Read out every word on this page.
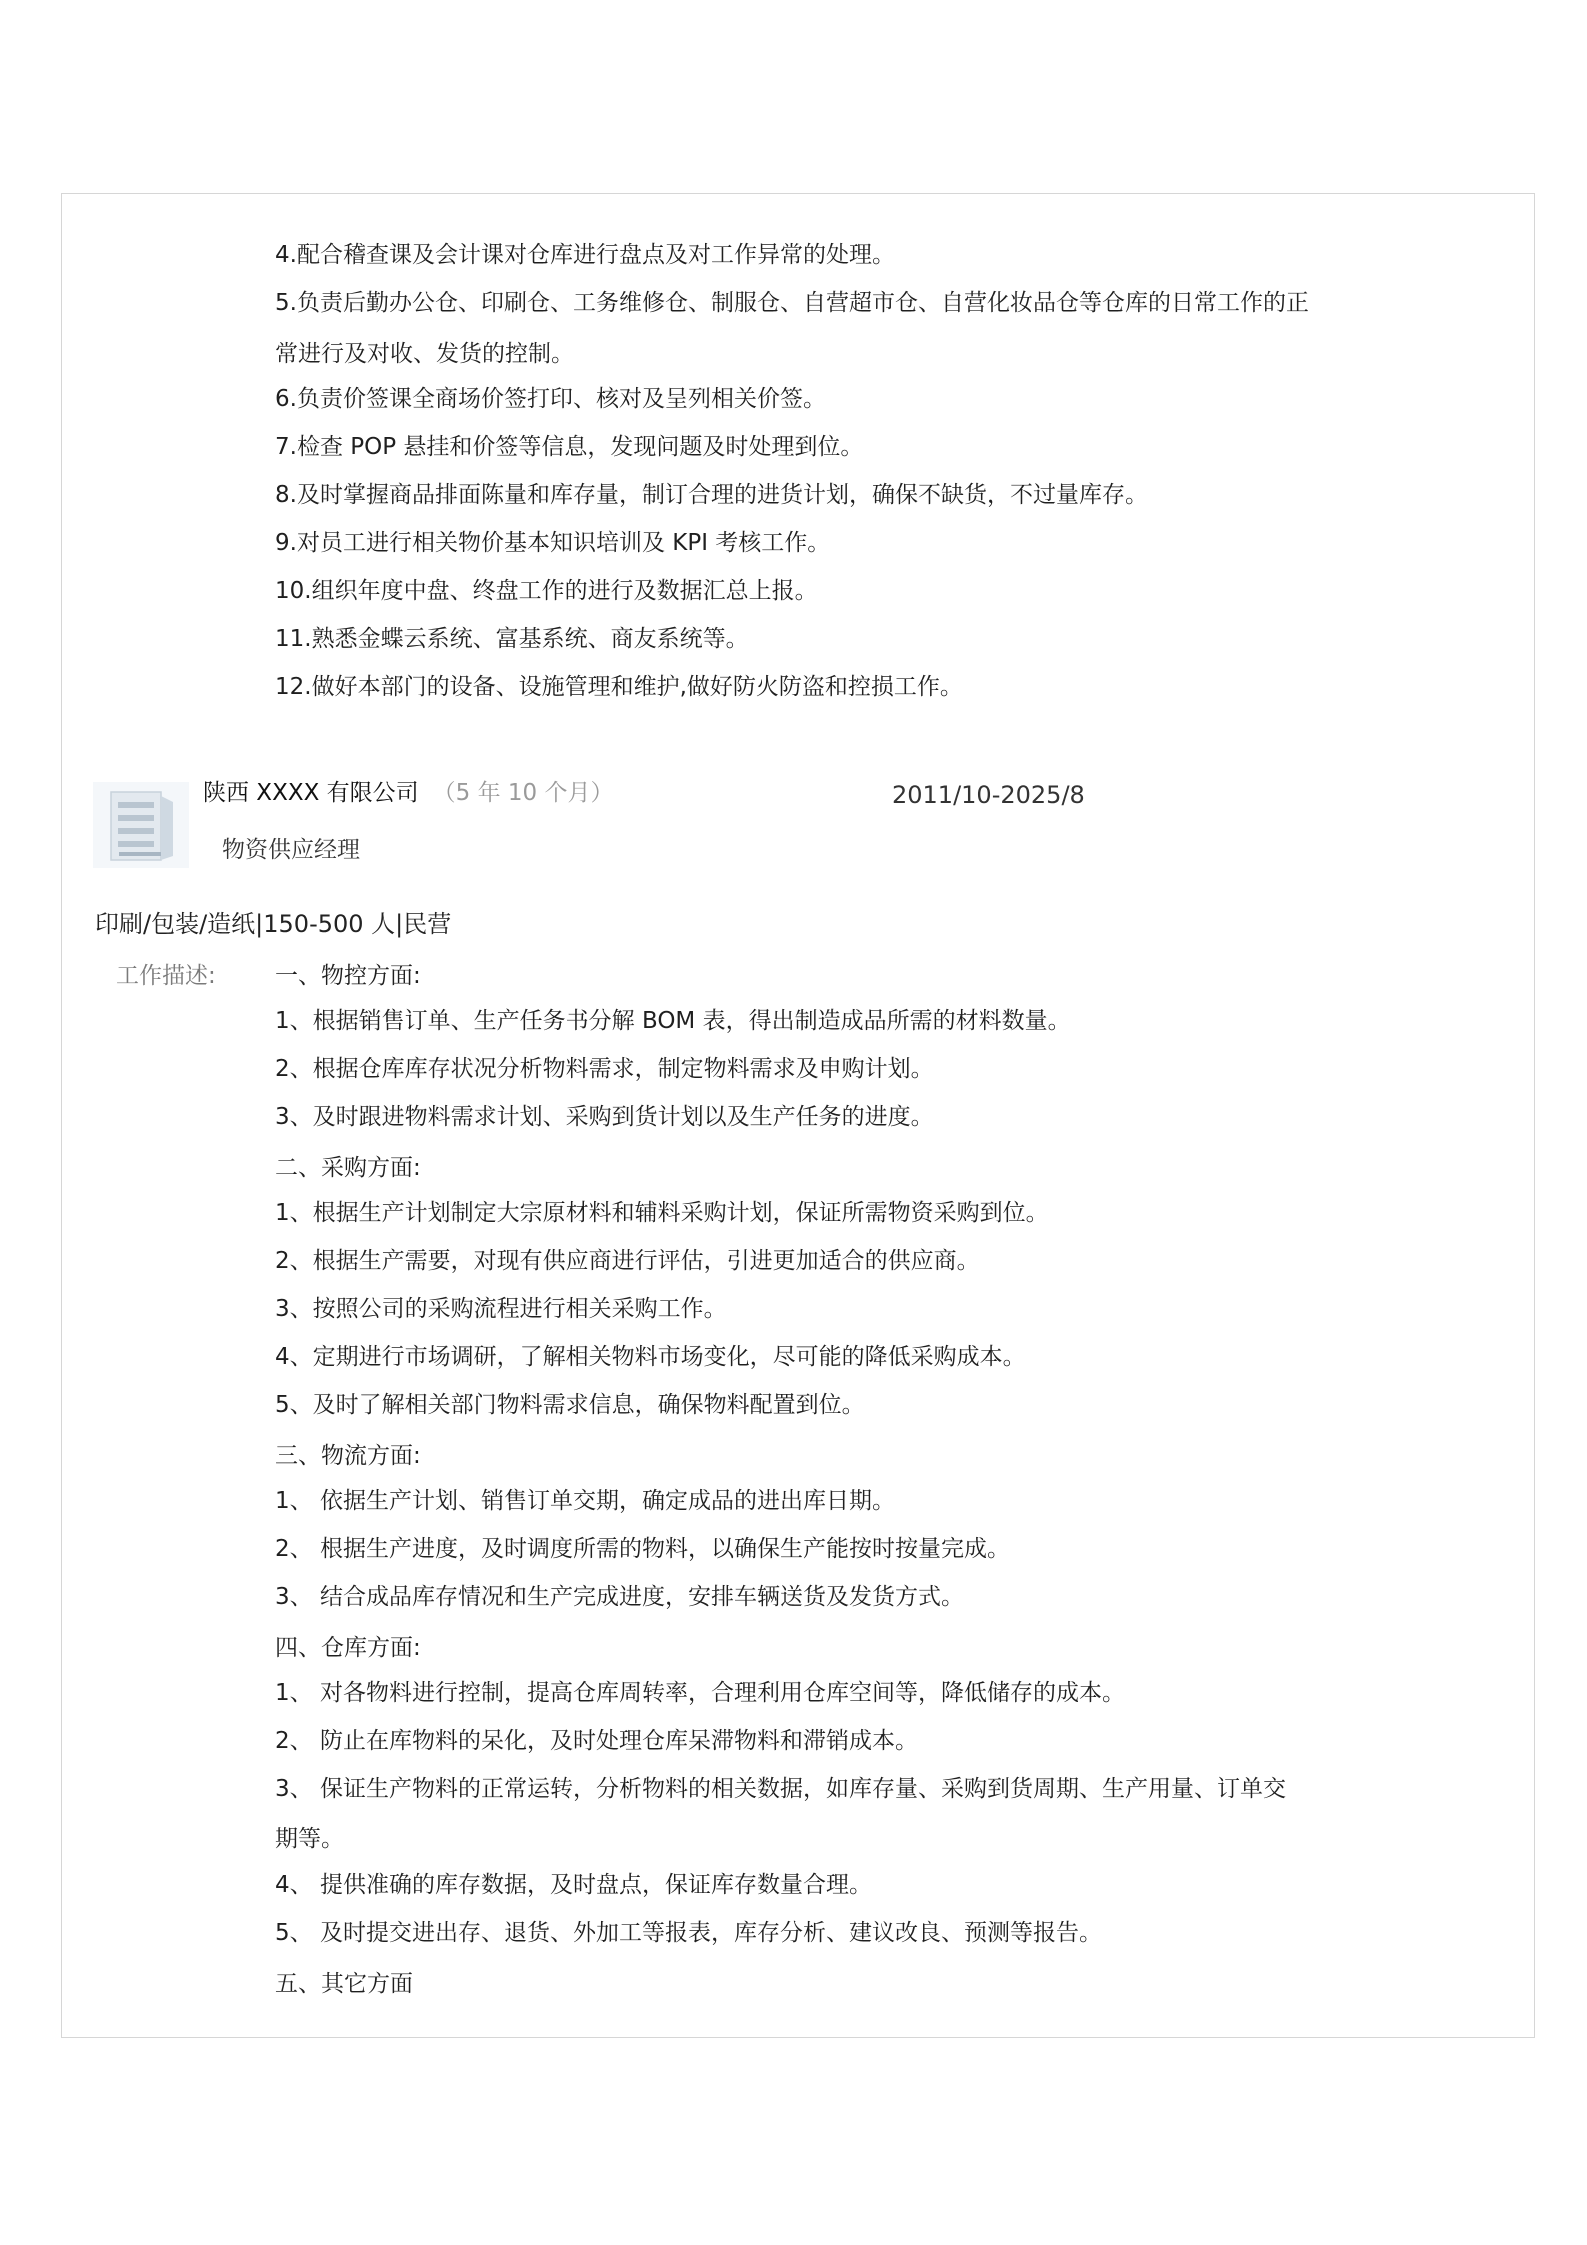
4.配合稽查课及会计课对仓库进行盘点及对工作异常的处理。
5.负责后勤办公仓、印刷仓、工务维修仓、制服仓、自营超市仓、自营化妆品仓等仓库的日常工作的正
常进行及对收、发货的控制。
6.负责价签课全商场价签打印、核对及呈列相关价签。
7.检查 POP 悬挂和价签等信息，发现问题及时处理到位。
8.及时掌握商品排面陈量和库存量，制订合理的进货计划，确保不缺货，不过量库存。
9.对员工进行相关物价基本知识培训及 KPI 考核工作。
10.组织年度中盘、终盘工作的进行及数据汇总上报。
11.熟悉金蝶云系统、富基系统、商友系统等。
12.做好本部门的设备、设施管理和维护,做好防火防盗和控损工作。
陕西 XXXX 有限公司 （5 年 10 个月）	2011/10-2025/8
物资供应经理
印刷/包装/造纸|150-500 人|民营
工作描述:	一、物控方面:
1、根据销售订单、生产任务书分解 BOM 表，得出制造成品所需的材料数量。
2、根据仓库库存状况分析物料需求，制定物料需求及申购计划。
3、及时跟进物料需求计划、采购到货计划以及生产任务的进度。
二、采购方面:
1、根据生产计划制定大宗原材料和辅料采购计划，保证所需物资采购到位。
2、根据生产需要，对现有供应商进行评估，引进更加适合的供应商。
3、按照公司的采购流程进行相关采购工作。
4、定期进行市场调研，了解相关物料市场变化，尽可能的降低采购成本。
5、及时了解相关部门物料需求信息，确保物料配置到位。
三、物流方面:
1、 依据生产计划、销售订单交期，确定成品的进出库日期。
2、 根据生产进度，及时调度所需的物料，以确保生产能按时按量完成。
3、 结合成品库存情况和生产完成进度，安排车辆送货及发货方式。
四、仓库方面:
1、 对各物料进行控制，提高仓库周转率，合理利用仓库空间等，降低储存的成本。
2、 防止在库物料的呆化，及时处理仓库呆滞物料和滞销成本。
3、 保证生产物料的正常运转，分析物料的相关数据，如库存量、采购到货周期、生产用量、订单交
期等。
4、 提供准确的库存数据，及时盘点，保证库存数量合理。
5、 及时提交进出存、退货、外加工等报表，库存分析、建议改良、预测等报告。
五、其它方面
